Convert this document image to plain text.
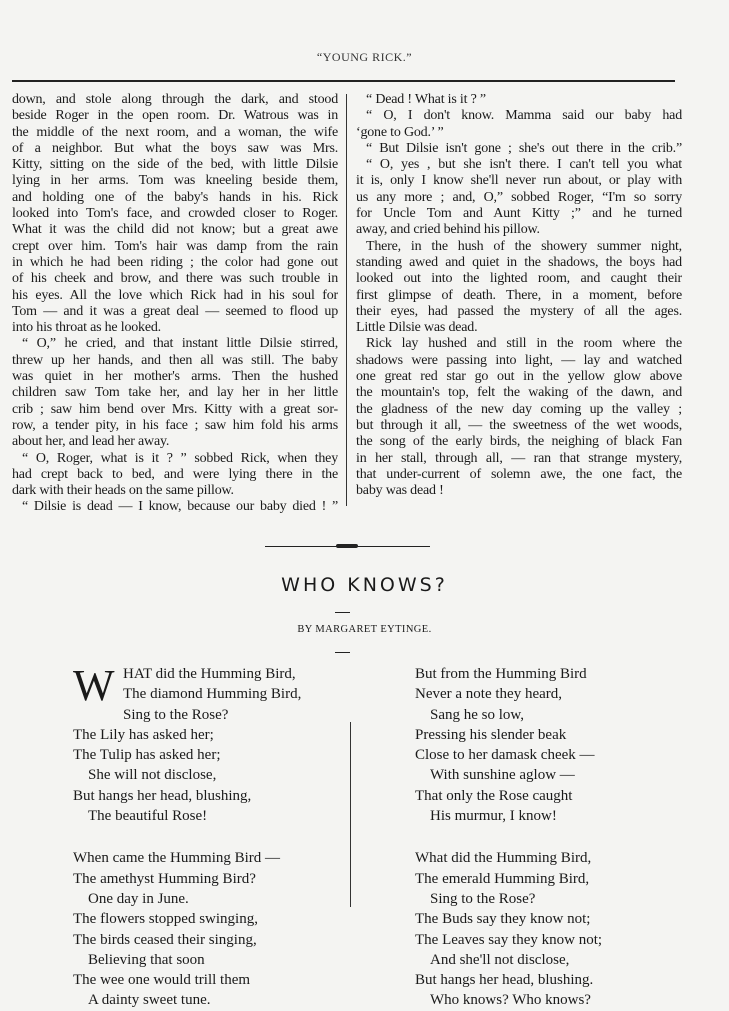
“YOUNG RICK.”
down, and stole along through the dark, and stood
beside Roger in the open room. Dr. Watrous was in
the middle of the next room, and a woman, the wife
of a neighbor. But what the boys saw was Mrs.
Kitty, sitting on the side of the bed, with little Dilsie
lying in her arms. Tom was kneeling beside them,
and holding one of the baby's hands in his. Rick
looked into Tom's face, and crowded closer to Roger.
What it was the child did not know; but a great awe
crept over him. Tom's hair was damp from the rain
in which he had been riding ; the color had gone out
of his cheek and brow, and there was such trouble in
his eyes. All the love which Rick had in his soul for
Tom — and it was a great deal — seemed to flood up
into his throat as he looked.
“ O,” he cried, and that instant little Dilsie stirred,
threw up her hands, and then all was still. The baby
was quiet in her mother's arms. Then the hushed
children saw Tom take her, and lay her in her little
crib ; saw him bend over Mrs. Kitty with a great sor-
row, a tender pity, in his face ; saw him fold his arms
about her, and lead her away.
“ O, Roger, what is it ? ” sobbed Rick, when they
had crept back to bed, and were lying there in the
dark with their heads on the same pillow.
“ Dilsie is dead — I know, because our baby died ! ”
“ Dead ! What is it ? ”
“ O, I don't know. Mamma said our baby had
‘gone to God.’ ”
“ But Dilsie isn't gone ; she's out there in the crib.”
“ O, yes , but she isn't there. I can't tell you what
it is, only I know she'll never run about, or play with
us any more ; and, O,” sobbed Roger, “I'm so sorry
for Uncle Tom and Aunt Kitty ;” and he turned
away, and cried behind his pillow.
There, in the hush of the showery summer night,
standing awed and quiet in the shadows, the boys had
looked out into the lighted room, and caught their
first glimpse of death. There, in a moment, before
their eyes, had passed the mystery of all the ages.
Little Dilsie was dead.
Rick lay hushed and still in the room where the
shadows were passing into light, — lay and watched
one great red star go out in the yellow glow above
the mountain's top, felt the waking of the dawn, and
the gladness of the new day coming up the valley ;
but through it all, — the sweetness of the wet woods,
the song of the early birds, the neighing of black Fan
in her stall, through all, — ran that strange mystery,
that under-current of solemn awe, the one fact, the
baby was dead !
WHO KNOWS?
BY MARGARET EYTINGE.
W HAT did the Humming Bird,
The diamond Humming Bird,
Sing to the Rose?
The Lily has asked her;
The Tulip has asked her;
She will not disclose,
But hangs her head, blushing,
The beautiful Rose!
When came the Humming Bird —
The amethyst Humming Bird?
One day in June.
The flowers stopped swinging,
The birds ceased their singing,
Believing that soon
The wee one would trill them
A dainty sweet tune.
But from the Humming Bird
Never a note they heard,
Sang he so low,
Pressing his slender beak
Close to her damask cheek —
With sunshine aglow —
That only the Rose caught
His murmur, I know!
What did the Humming Bird,
The emerald Humming Bird,
Sing to the Rose?
The Buds say they know not;
The Leaves say they know not;
And she'll not disclose,
But hangs her head, blushing.
Who knows? Who knows?
